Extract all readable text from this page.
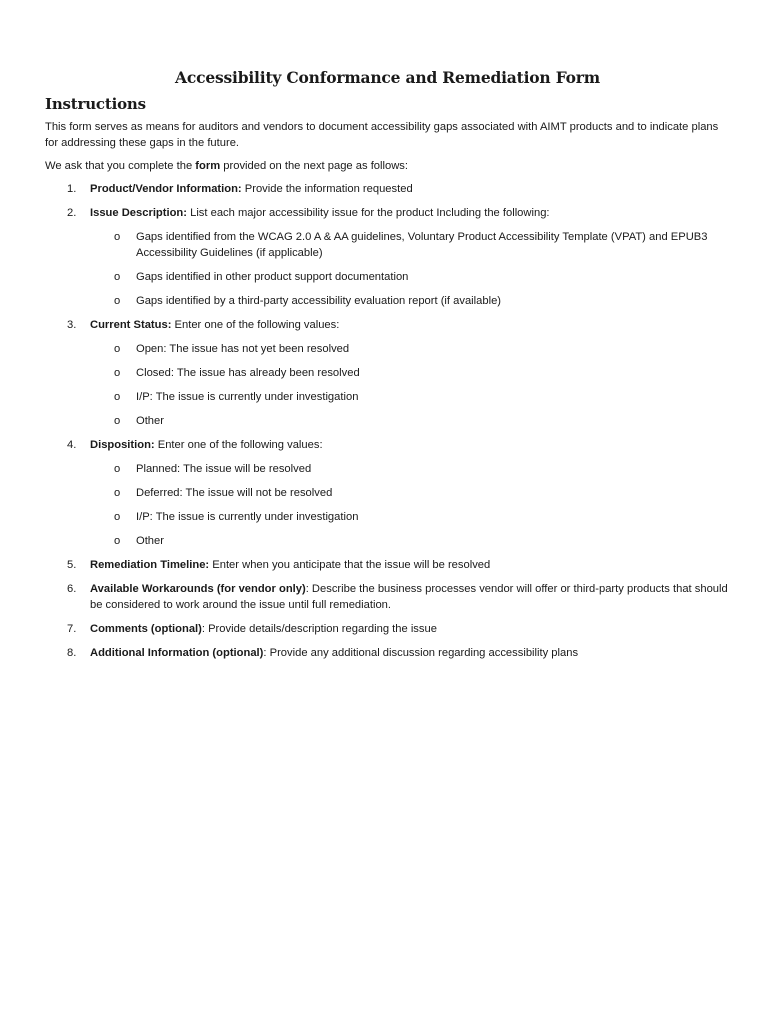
Accessibility Conformance and Remediation Form
Instructions

This form serves as means for auditors and vendors to document accessibility gaps associated with AIMT products and to indicate plans for addressing these gaps in the future.

We ask that you complete the form provided on the next page as follows:

1. Product/Vendor Information: Provide the information requested
2. Issue Description: List each major accessibility issue for the product Including the following:
o Gaps identified from the WCAG 2.0 A & AA guidelines, Voluntary Product Accessibility Template (VPAT) and EPUB3 Accessibility Guidelines (if applicable)
o Gaps identified in other product support documentation
o Gaps identified by a third-party accessibility evaluation report (if available)
3. Current Status: Enter one of the following values:
o Open: The issue has not yet been resolved
o Closed: The issue has already been resolved
o I/P: The issue is currently under investigation
o Other
4. Disposition: Enter one of the following values:
o Planned: The issue will be resolved
o Deferred: The issue will not be resolved
o I/P: The issue is currently under investigation
o Other
5. Remediation Timeline: Enter when you anticipate that the issue will be resolved
6. Available Workarounds (for vendor only): Describe the business processes vendor will offer or third-party products that should be considered to work around the issue until full remediation.
7. Comments (optional): Provide details/description regarding the issue
8. Additional Information (optional): Provide any additional discussion regarding accessibility plans
